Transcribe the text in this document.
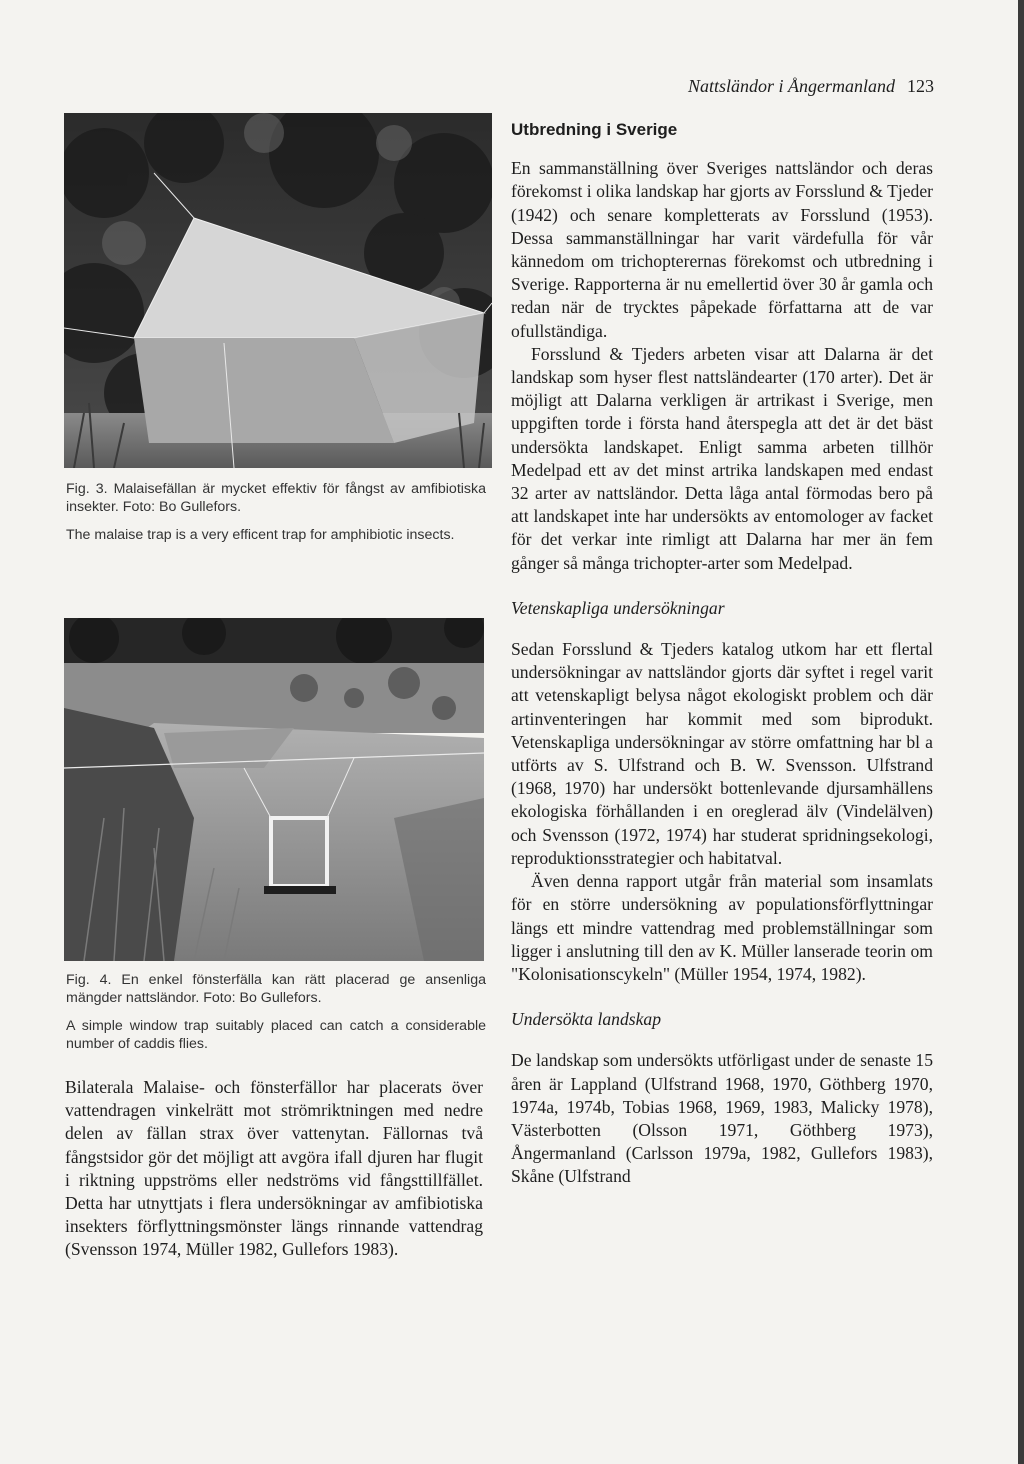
Nattsländor i Ångermanland 123

Fig. 3. Malaisefällan är mycket effektiv för fångst av amfibiotiska insekter. Foto: Bo Gullefors.

The malaise trap is a very efficent trap for amphibiotic insects.

Fig. 4. En enkel fönsterfälla kan rätt placerad ge ansenliga mängder nattsländor. Foto: Bo Gullefors.

A simple window trap suitably placed can catch a considerable number of caddis flies.

Bilaterala Malaise- och fönsterfällor har placerats över vattendragen vinkelrätt mot strömriktningen med nedre delen av fällan strax över vattenytan. Fällornas två fångstsidor gör det möjligt att avgöra ifall djuren har flugit i riktning uppströms eller nedströms vid fångsttillfället. Detta har utnyttjats i flera undersökningar av amfibiotiska insekters förflyttningsmönster längs rinnande vattendrag (Svensson 1974, Müller 1982, Gullefors 1983).

Utbredning i Sverige

En sammanställning över Sveriges nattsländor och deras förekomst i olika landskap har gjorts av Forsslund & Tjeder (1942) och senare kompletterats av Forsslund (1953). Dessa sammanställningar har varit värdefulla för vår kännedom om trichopterernas förekomst och utbredning i Sverige. Rapporterna är nu emellertid över 30 år gamla och redan när de trycktes påpekade författarna att de var ofullständiga.

Forsslund & Tjeders arbeten visar att Dalarna är det landskap som hyser flest nattsländearter (170 arter). Det är möjligt att Dalarna verkligen är artrikast i Sverige, men uppgiften torde i första hand återspegla att det är det bäst undersökta landskapet. Enligt samma arbeten tillhör Medelpad ett av det minst artrika landskapen med endast 32 arter av nattsländor. Detta låga antal förmodas bero på att landskapet inte har undersökts av entomologer av facket för det verkar inte rimligt att Dalarna har mer än fem gånger så många trichopter-arter som Medelpad.

Vetenskapliga undersökningar

Sedan Forsslund & Tjeders katalog utkom har ett flertal undersökningar av nattsländor gjorts där syftet i regel varit att vetenskapligt belysa något ekologiskt problem och där artinventeringen har kommit med som biprodukt. Vetenskapliga undersökningar av större omfattning har bl a utförts av S. Ulfstrand och B. W. Svensson. Ulfstrand (1968, 1970) har undersökt bottenlevande djursamhällens ekologiska förhållanden i en oreglerad älv (Vindelälven) och Svensson (1972, 1974) har studerat spridningsekologi, reproduktionsstrategier och habitatval.

Även denna rapport utgår från material som insamlats för en större undersökning av populationsförflyttningar längs ett mindre vattendrag med problemställningar som ligger i anslutning till den av K. Müller lanserade teorin om "Kolonisationscykeln" (Müller 1954, 1974, 1982).

Undersökta landskap

De landskap som undersökts utförligast under de senaste 15 åren är Lappland (Ulfstrand 1968, 1970, Göthberg 1970, 1974a, 1974b, Tobias 1968, 1969, 1983, Malicky 1978), Västerbotten (Olsson 1971, Göthberg 1973), Ångermanland (Carlsson 1979a, 1982, Gullefors 1983), Skåne (Ulfstrand
